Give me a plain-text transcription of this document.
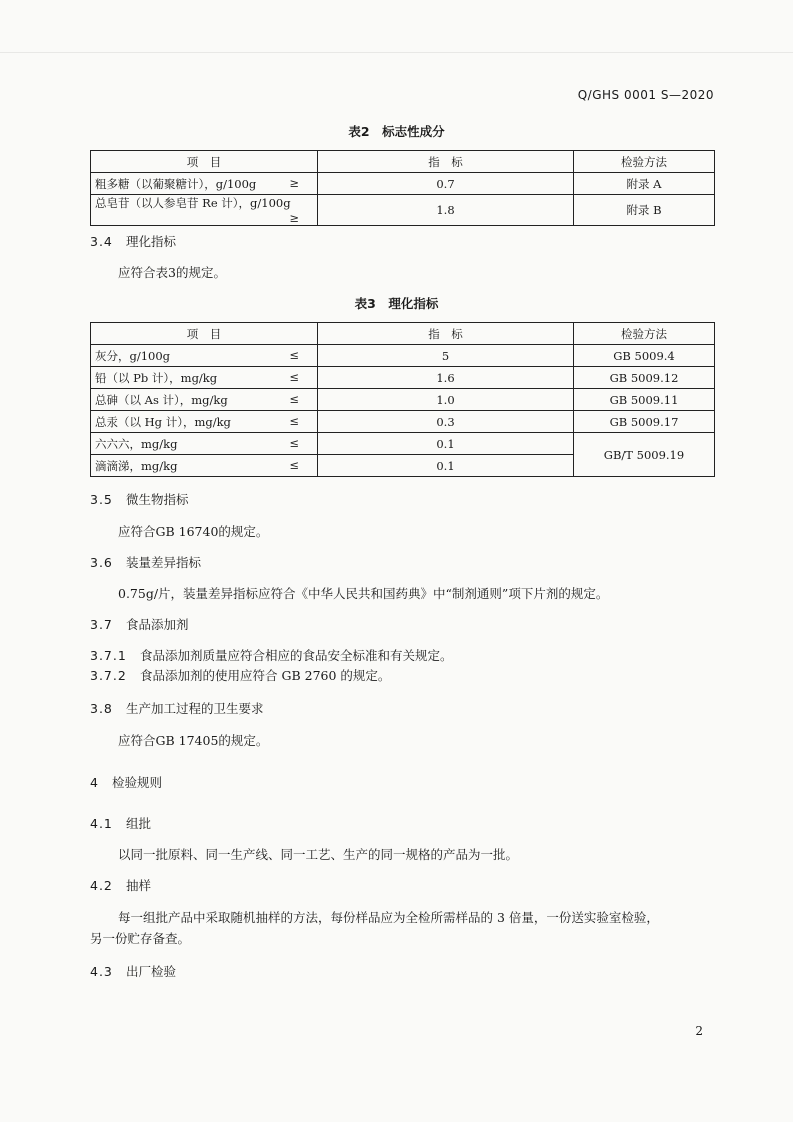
Q/GHS 0001 S—2020
表2　标志性成分
项　目	指　标	检验方法
粗多糖（以葡聚糖计），g/100g ≥	0.7	附录 A
总皂苷（以人参皂苷 Re 计），g/100g
≥	1.8	附录 B
3.4 理化指标
应符合表3的规定。
表3　理化指标
项　目	指　标	检验方法
灰分，g/100g ≤	5	GB 5009.4
铅（以 Pb 计），mg/kg ≤	1.6	GB 5009.12
总砷（以 As 计），mg/kg ≤	1.0	GB 5009.11
总汞（以 Hg 计），mg/kg ≤	0.3	GB 5009.17
六六六，mg/kg ≤	0.1	GB/T 5009.19
滴滴涕，mg/kg ≤	0.1	
3.5 微生物指标
应符合GB 16740的规定。
3.6 装量差异指标
0.75g/片，装量差异指标应符合《中华人民共和国药典》中“制剂通则”项下片剂的规定。
3.7 食品添加剂
3.7.1 食品添加剂质量应符合相应的食品安全标准和有关规定。
3.7.2 食品添加剂的使用应符合 GB 2760 的规定。
3.8 生产加工过程的卫生要求
应符合GB 17405的规定。
4 检验规则
4.1 组批
以同一批原料、同一生产线、同一工艺、生产的同一规格的产品为一批。
4.2 抽样
每一组批产品中采取随机抽样的方法，每份样品应为全检所需样品的 3 倍量，一份送实验室检验，
另一份贮存备查。
4.3 出厂检验
2
